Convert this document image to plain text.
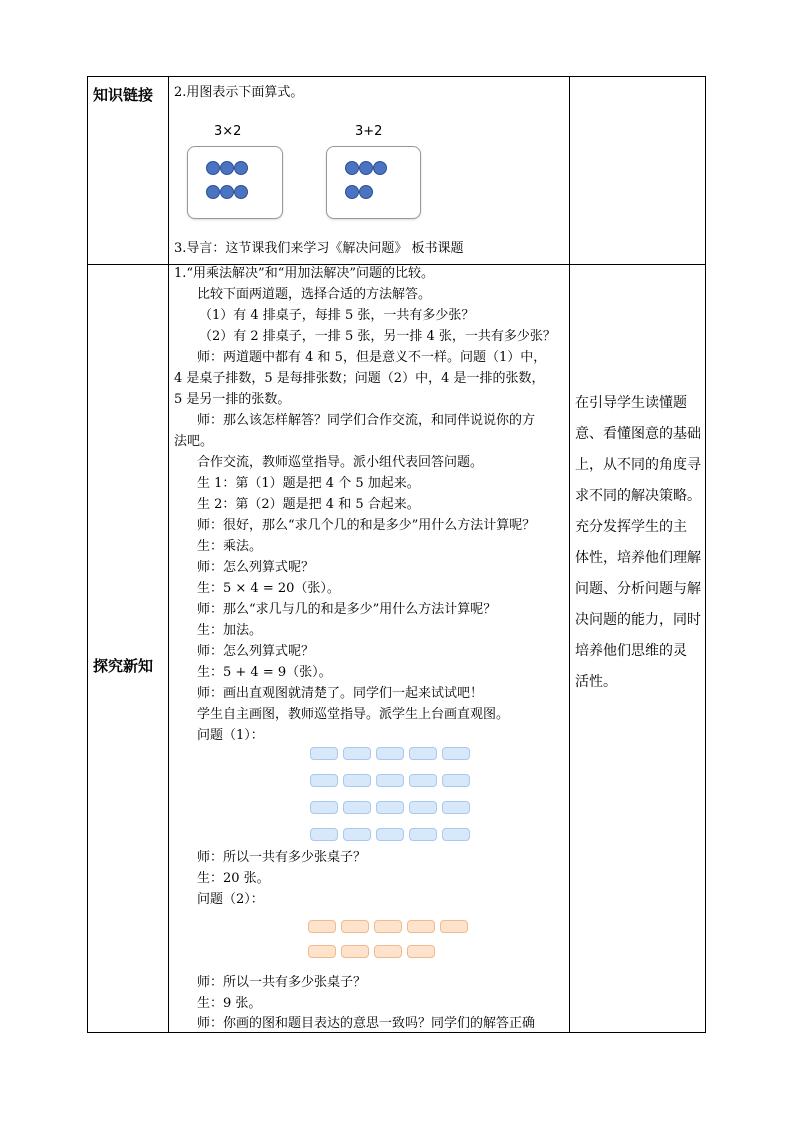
知识链接 2.用图表示下面算式。
3×2	3+2
3.导言：这节课我们来学习《解决问题》 板书课题
探究新知
1.“用乘法解决”和“用加法解决”问题的比较。
比较下面两道题，选择合适的方法解答。
（1）有 4 排桌子，每排 5 张，一共有多少张？
（2）有 2 排桌子，一排 5 张，另一排 4 张，一共有多少张？
师：两道题中都有 4 和 5，但是意义不一样。问题（1）中，
4 是桌子排数，5 是每排张数；问题（2）中，4 是一排的张数，
5 是另一排的张数。
师：那么该怎样解答？同学们合作交流，和同伴说说你的方
法吧。
合作交流，教师巡堂指导。派小组代表回答问题。
生 1：第（1）题是把 4 个 5 加起来。
生 2：第（2）题是把 4 和 5 合起来。
师：很好，那么“求几个几的和是多少”用什么方法计算呢？
生：乘法。
师：怎么列算式呢？
生：5 × 4 = 20（张）。
师：那么“求几与几的和是多少”用什么方法计算呢？
生：加法。
师：怎么列算式呢？
生：5 + 4 = 9（张）。
师：画出直观图就清楚了。同学们一起来试试吧！
学生自主画图，教师巡堂指导。派学生上台画直观图。
问题（1）：
师：所以一共有多少张桌子？
生：20 张。
问题（2）：
师：所以一共有多少张桌子？
生：9 张。
师：你画的图和题目表达的意思一致吗？同学们的解答正确
在引导学生读懂题
意、看懂图意的基础
上，从不同的角度寻
求不同的解决策略。
充分发挥学生的主
体性，培养他们理解
问题、分析问题与解
决问题的能力，同时
培养他们思维的灵
活性。
